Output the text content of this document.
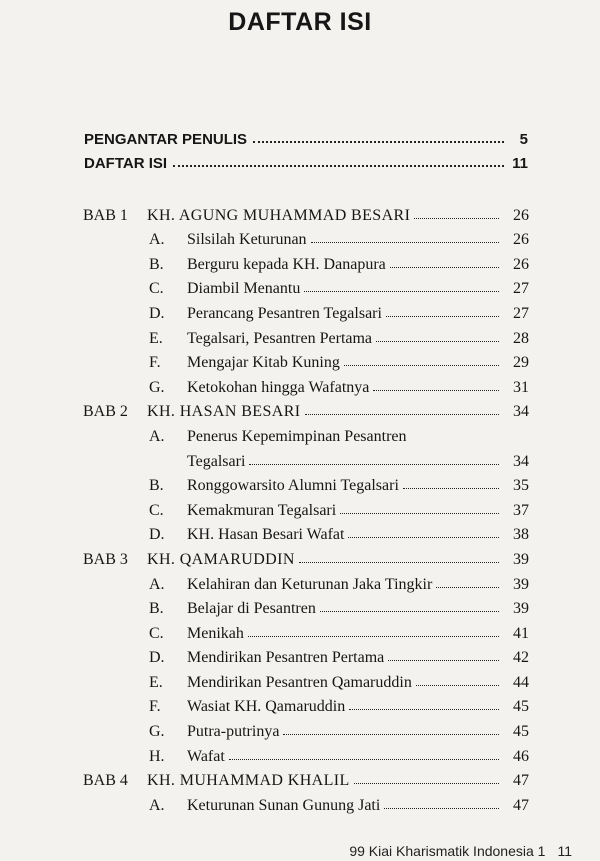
DAFTAR ISI
PENGANTAR PENULIS	5
DAFTAR ISI	11
BAB 1	KH. AGUNG MUHAMMAD BESARI	26
A.	Silsilah Keturunan	26
B.	Berguru kepada KH. Danapura	26
C.	Diambil Menantu	27
D.	Perancang Pesantren Tegalsari	27
E.	Tegalsari, Pesantren Pertama	28
F.	Mengajar Kitab Kuning	29
G.	Ketokohan hingga Wafatnya	31
BAB 2	KH. HASAN BESARI	34
A.	Penerus Kepemimpinan Pesantren
Tegalsari	34
B.	Ronggowarsito Alumni Tegalsari	35
C.	Kemakmuran Tegalsari	37
D.	KH. Hasan Besari Wafat	38
BAB 3	KH. QAMARUDDIN	39
A.	Kelahiran dan Keturunan Jaka Tingkir	39
B.	Belajar di Pesantren	39
C.	Menikah	41
D.	Mendirikan Pesantren Pertama	42
E.	Mendirikan Pesantren Qamaruddin	44
F.	Wasiat KH. Qamaruddin	45
G.	Putra-putrinya	45
H.	Wafat	46
BAB 4	KH. MUHAMMAD KHALIL	47
A.	Keturunan Sunan Gunung Jati	47
99 Kiai Kharismatik Indonesia 1 11
